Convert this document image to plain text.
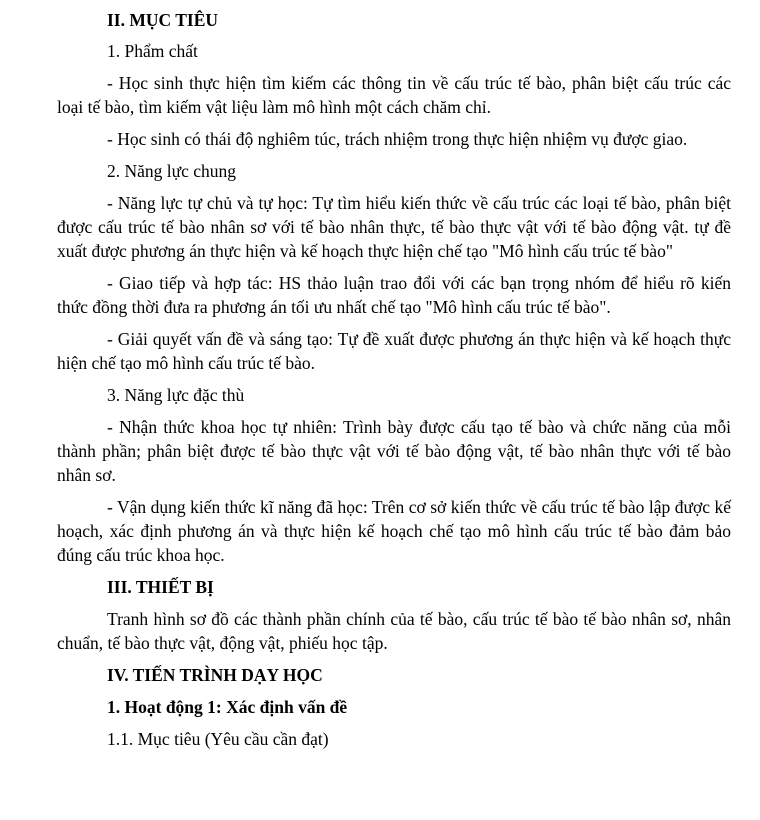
II. MỤC TIÊU

1. Phẩm chất

- Học sinh thực hiện tìm kiếm các thông tin về cấu trúc tế bào, phân biệt cấu trúc các loại tế bào, tìm kiếm vật liệu làm mô hình một cách chăm chỉ.

- Học sinh có thái độ nghiêm túc, trách nhiệm trong thực hiện nhiệm vụ được giao.

2. Năng lực chung

- Năng lực tự chủ và tự học: Tự tìm hiểu kiến thức về cấu trúc các loại tế bào, phân biệt được cấu trúc tế bào nhân sơ với tế bào nhân thực, tế bào thực vật với tế bào động vật. tự đề xuất được phương án thực hiện và kế hoạch thực hiện chế tạo "Mô hình cấu trúc tế bào"

- Giao tiếp và hợp tác: HS thảo luận trao đổi với các bạn trọng nhóm để hiểu rõ kiến thức đồng thời đưa ra phương án tối ưu nhất chế tạo "Mô hình cấu trúc tế bào".

- Giải quyết vấn đề và sáng tạo: Tự đề xuất được phương án thực hiện và kế hoạch thực hiện chế tạo mô hình cấu trúc tế bào.

3. Năng lực đặc thù

- Nhận thức khoa học tự nhiên: Trình bày được cấu tạo tế bào và chức năng của mỗi thành phần; phân biệt được tế bào thực vật với tế bào động vật, tế bào nhân thực với tế bào nhân sơ.

- Vận dụng kiến thức kĩ năng đã học: Trên cơ sở kiến thức về cấu trúc tế bào lập được kế hoạch, xác định phương án và thực hiện kế hoạch chế tạo mô hình cấu trúc tế bào đảm bảo đúng cấu trúc khoa học.

III. THIẾT BỊ

Tranh hình sơ đồ các thành phần chính của tế bào, cấu trúc tế bào tế bào nhân sơ, nhân chuẩn, tế bào thực vật, động vật, phiếu học tập.

IV. TIẾN TRÌNH DẠY HỌC

1. Hoạt động 1: Xác định vấn đề

1.1. Mục tiêu (Yêu cầu cần đạt)
